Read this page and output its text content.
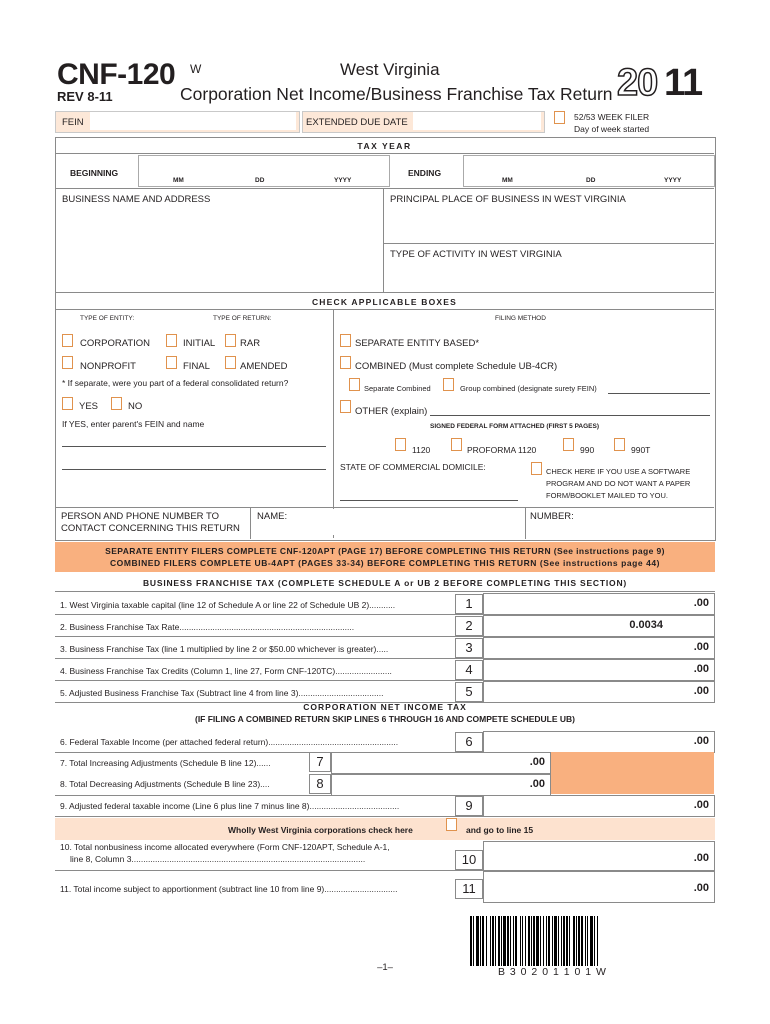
CNF-120 W
REV 8-11
West Virginia
Corporation Net Income/Business Franchise Tax Return 20 11
FEIN	EXTENDED DUE DATE	52/53 WEEK FILER
Day of week started
TAX YEAR
BEGINNING
MM	DD	YYYY
ENDING
MM	DD	YYYY
BUSINESS NAME AND ADDRESS	PRINCIPAL PLACE OF BUSINESS IN WEST VIRGINIA
TYPE OF ACTIVITY IN WEST VIRGINIA
CHECK APPLICABLE BOXES
TYPE OF ENTITY:	TYPE OF RETURN:	FILING METHOD
CORPORATION	INITIAL	RAR	SEPARATE ENTITY BASED*
NONPROFIT	FINAL	AMENDED	COMBINED (Must complete Schedule UB-4CR)
* If separate, were you part of a federal consolidated return?
Separate Combined	Group combined (designate surety FEIN)
YES	NO	OTHER (explain)
If YES, enter parent's FEIN and name	SIGNED FEDERAL FORM ATTACHED (FIRST 5 PAGES)
1120	PROFORMA 1120	990	990T
STATE OF COMMERCIAL DOMICILE:	CHECK HERE IF YOU USE A SOFTWARE PROGRAM AND DO NOT WANT A PAPER FORM/BOOKLET MAILED TO YOU.
PERSON AND PHONE NUMBER TO CONTACT CONCERNING THIS RETURN
NAME:	NUMBER:
SEPARATE ENTITY FILERS COMPLETE CNF-120APT (PAGE 17) BEFORE COMPLETING THIS RETURN (See instructions page 9)
COMBINED FILERS COMPLETE UB-4APT (PAGES 33-34) BEFORE COMPLETING THIS RETURN (See instructions page 44)
BUSINESS FRANCHISE TAX (COMPLETE SCHEDULE A or UB 2 BEFORE COMPLETING THIS SECTION)
1. West Virginia taxable capital (line 12 of Schedule A or line 22 of Schedule UB 2)...........	1	.00
2. Business Franchise Tax Rate..........................................................................	2	0.0034
3. Business Franchise Tax (line 1 multiplied by line 2 or $50.00 whichever is greater).....	3	.00
4. Business Franchise Tax Credits (Column 1, line 27, Form CNF-120TC)........................	4	.00
5. Adjusted Business Franchise Tax (Subtract line 4 from line 3)....................................	5	.00
CORPORATION NET INCOME TAX
(IF FILING A COMBINED RETURN SKIP LINES 6 THROUGH 16 AND COMPETE SCHEDULE UB)
6. Federal Taxable Income (per attached federal return).......................................................	6	.00
7. Total Increasing Adjustments (Schedule B line 12)......	7	.00
8. Total Decreasing Adjustments (Schedule B line 23)....	8	.00
9. Adjusted federal taxable income (Line 6 plus line 7 minus line 8)......................................	9	.00
Wholly West Virginia corporations check here	and go to line 15
10. Total nonbusiness income allocated everywhere (Form CNF-120APT, Schedule A-1,
line 8, Column 3...................................................................................................	10	.00
11. Total income subject to apportionment (subtract line 10 from line 9)...............................	11	.00
–1–	B 3 0 2 0 1 1 0 1 W
